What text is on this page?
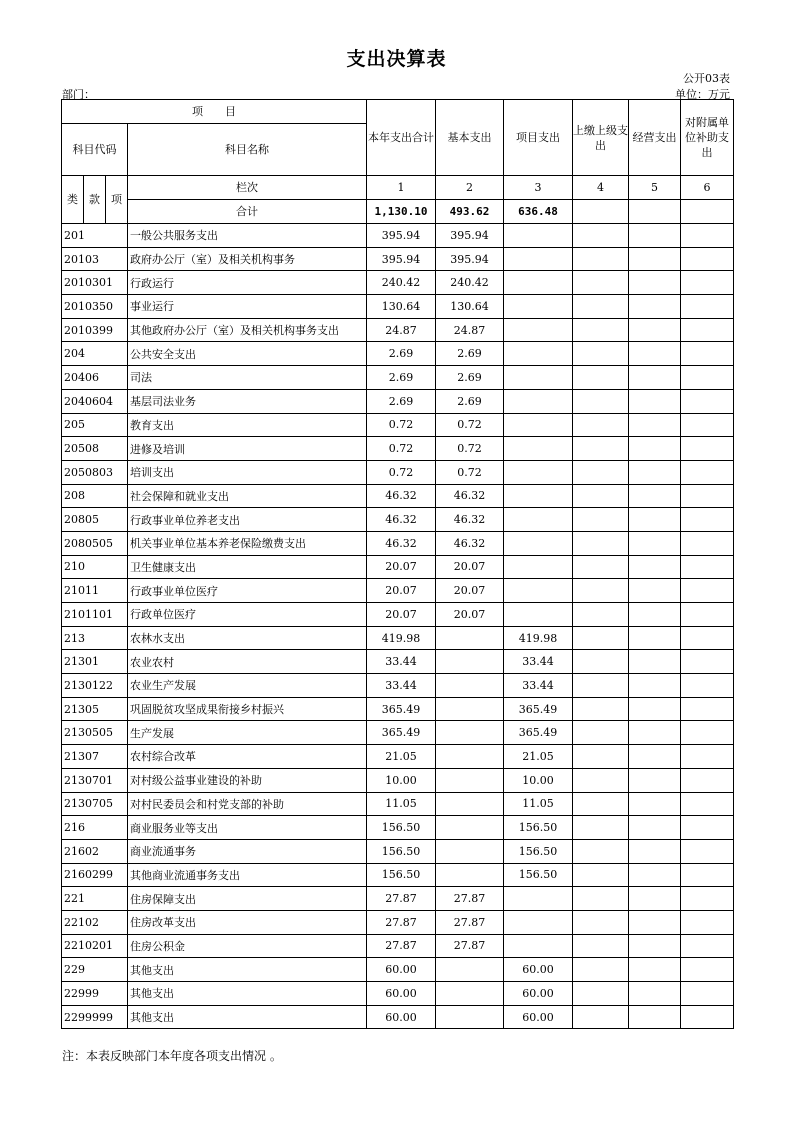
支出决算表
公开03表
部门：	单位：万元
项　　目				本年支出合计	基本支出	项目支出	上缴上级支出	经营支出	对附属单位补助支出
科目代码			科目名称						
类	款	项	栏次	1	2	3	4	5	6
			合计	1,130.10	493.62	636.48			
201			一般公共服务支出	395.94	395.94				
20103			政府办公厅（室）及相关机构事务	395.94	395.94				
2010301			行政运行	240.42	240.42				
2010350			事业运行	130.64	130.64				
2010399			其他政府办公厅（室）及相关机构事务支出	24.87	24.87				
204			公共安全支出	2.69	2.69				
20406			司法	2.69	2.69				
2040604			基层司法业务	2.69	2.69				
205			教育支出	0.72	0.72				
20508			进修及培训	0.72	0.72				
2050803			培训支出	0.72	0.72				
208			社会保障和就业支出	46.32	46.32				
20805			行政事业单位养老支出	46.32	46.32				
2080505			机关事业单位基本养老保险缴费支出	46.32	46.32				
210			卫生健康支出	20.07	20.07				
21011			行政事业单位医疗	20.07	20.07				
2101101			行政单位医疗	20.07	20.07				
213			农林水支出	419.98		419.98			
21301			农业农村	33.44		33.44			
2130122			农业生产发展	33.44		33.44			
21305			巩固脱贫攻坚成果衔接乡村振兴	365.49		365.49			
2130505			生产发展	365.49		365.49			
21307			农村综合改革	21.05		21.05			
2130701			对村级公益事业建设的补助	10.00		10.00			
2130705			对村民委员会和村党支部的补助	11.05		11.05			
216			商业服务业等支出	156.50		156.50			
21602			商业流通事务	156.50		156.50			
2160299			其他商业流通事务支出	156.50		156.50			
221			住房保障支出	27.87	27.87				
22102			住房改革支出	27.87	27.87				
2210201			住房公积金	27.87	27.87				
229			其他支出	60.00		60.00			
22999			其他支出	60.00		60.00			
2299999			其他支出	60.00		60.00			
注：本表反映部门本年度各项支出情况 。
